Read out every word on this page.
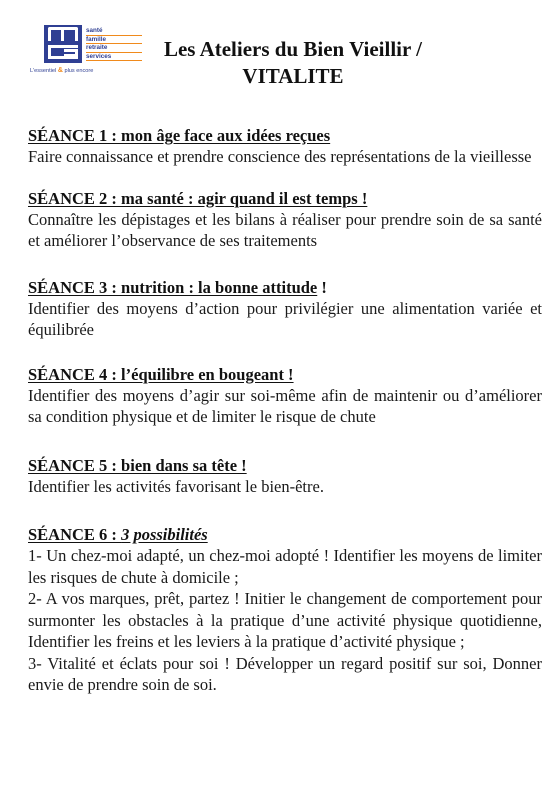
santé
famille
retraite
services
L'essentiel & plus encore
Les Ateliers du Bien Vieillir /
VITALITE
SÉANCE 1 : mon âge face aux idées reçues
Faire connaissance et prendre conscience des représentations de la vieillesse
SÉANCE 2 : ma santé : agir quand il est temps !
Connaître les dépistages et les bilans à réaliser pour prendre soin de sa santé et améliorer l’observance de ses traitements
SÉANCE 3 : nutrition : la bonne attitude !
Identifier des moyens d’action pour privilégier une alimentation variée et équilibrée
SÉANCE 4 : l’équilibre en bougeant !
Identifier des moyens d’agir sur soi-même afin de maintenir ou d’améliorer sa condition physique et de limiter le risque de chute
SÉANCE 5 : bien dans sa tête !
Identifier les activités favorisant le bien-être.
SÉANCE 6 : 3 possibilités
1- Un chez-moi adapté, un chez-moi adopté ! Identifier les moyens de limiter les risques de chute à domicile ;
2- A vos marques, prêt, partez ! Initier le changement de comportement pour surmonter les obstacles à la pratique d’une activité physique quotidienne, Identifier les freins et les leviers à la pratique d’activité physique ;
3- Vitalité et éclats pour soi ! Développer un regard positif sur soi, Donner envie de prendre soin de soi.
